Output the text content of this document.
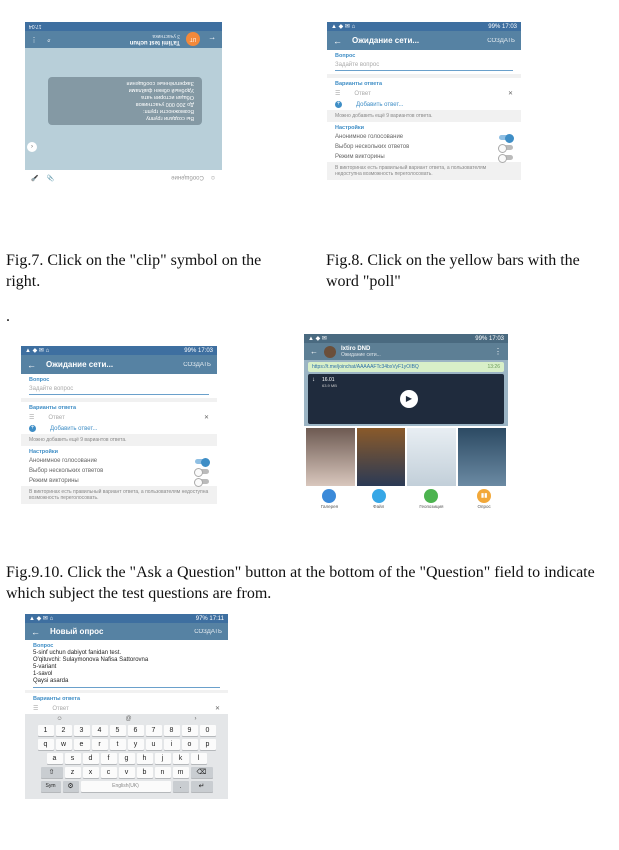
☺
Сообщение
📎
🎤
Вы создали группу
Возможности групп:
До 200 000 участников
Общая история чата
Удобный обмен файлами
Закреплённые сообщения
←
UT
Ta'limi test uchun
3 участника
⌕
⋮
17:04
›
▲ ◆ ✉ ⌂	99% 17:03
← Ожидание сети...	СОЗДАТЬ
Вопрос
Задайте вопрос
Варианты ответа
☰ Ответ	✕
+	Добавить ответ...
Можно добавить ещё 9 вариантов ответа.
Настройки
Анонимное голосование
Выбор нескольких ответов
Режим викторины
В викторинах есть правильный вариант ответа, а пользователям недоступна возможность переголосовать.
Fig.7. Click on the "clip" symbol on the right.
Fig.8. Click on the yellow bars with the word "poll"
.
▲ ◆ ✉ ⌂	99% 17:03
← Ожидание сети...	СОЗДАТЬ
Вопрос
Задайте вопрос
Варианты ответа
☰ Ответ	✕
+	Добавить ответ...
Можно добавить ещё 9 вариантов ответа.
Настройки
Анонимное голосование
Выбор нескольких ответов
Режим викторины
В викторинах есть правильный вариант ответа, а пользователям недоступна возможность переголосовать.
▲ ◆ ✉	99% 17:03
←	Ixtiro DND
Ожидание сети...	⋮
https://t.me/joinchat/AAAAAFTc34bxVyF1yOIBQ	13:26
16.01
63.9 MB
↓
▶
Галерея	Файл	Геопозиция
▮▮
Опрос
Fig.9.10. Click the "Ask a Question" button at the bottom of the "Question" field to indicate which subject the test questions are from.
▲ ◆ ✉ ⌂	97% 17:11
← Новый опрос	СОЗДАТЬ
Вопрос
5-sinf uchun dabiyot fanidan test.
O'qituvchi: Sulaymonova Nafisa Sattorovna
5-variant
1-savol
Qaysi asarda
Варианты ответа
☰ Ответ	✕
☺	@	›
1	2	3	4	5	6	7	8	9	0
q	w	e	r	t	y	u	i	o	p
a	s	d	f	g	h	j	k	l
⇧	z	x	c	v	b	n	m	⌫
Sym	⚙	English(UK)	.	↵
